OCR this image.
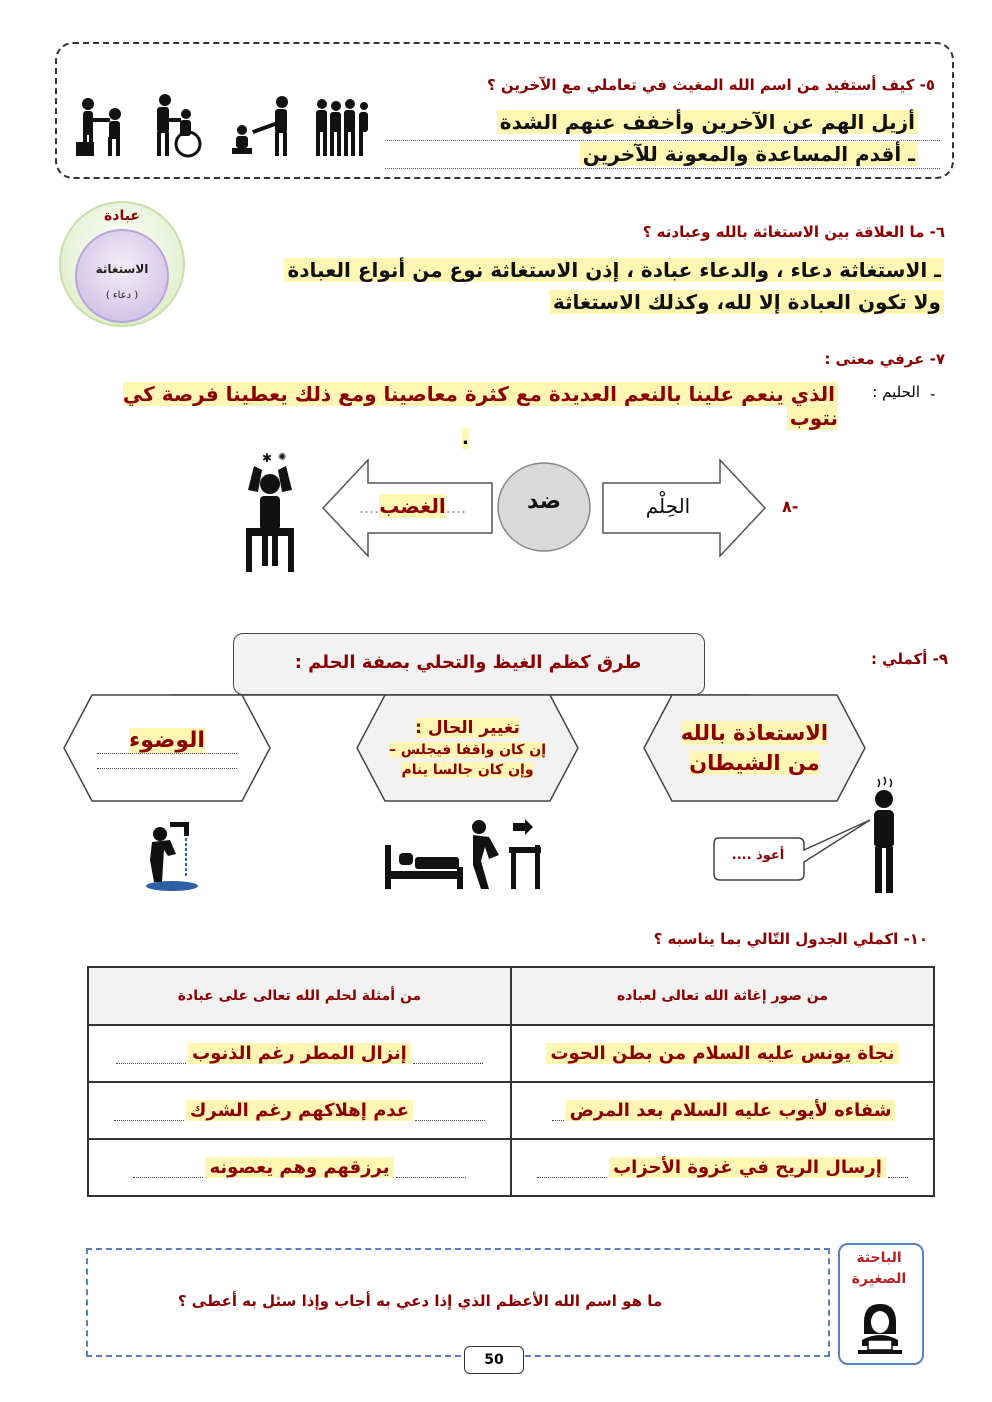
٥- كيف أستفيد من اسم الله المغيث في تعاملي مع الآخرين ؟
أزيل الهم عن الآخرين وأخفف عنهم الشدة
ـ أقدم المساعدة والمعونة للآخرين
عبادة
الاستغاثة
( دعاء )
٦- ما العلاقة بين الاستغاثة بالله وعبادته ؟
ـ الاستغاثة دعاء ، والدعاء عبادة ، إذن الاستغاثة نوع من أنواع العبادة
ولا تكون العبادة إلا لله، وكذلك الاستغاثة
٧- عرفي معنى :
-
الحليم :
الذي ينعم علينا بالنعم العديدة مع كثرة معاصينا ومع ذلك يعطينا فرصة كي نتوب
.
✱ ✺
....الغضب....	ضد	الحِلْم	٨-
٩- أكملي :
طرق كظم الغيظ والتحلي بصفة الحلم :
الاستعاذة بالله
من الشيطان
تغيير الحال :
إن كان واقفا فيجلس –
وإن كان جالسا ينام
الوضوء
أعوذ ....
١٠- اكملي الجدول التّالي بما يناسبه ؟
من أمثلة لحلم الله تعالى على عبادة	من صور إغاثة الله تعالى لعباده
إنزال المطر رغم الذنوب	نجاة يونس عليه السلام من بطن الحوت
عدم إهلاكهم رغم الشرك	شفاءه لأيوب عليه السلام بعد المرض
يرزقهم وهم يعصونه	إرسال الريح في غزوة الأحزاب
ما هو اسم الله الأعظم الذي إذا دعي به أجاب وإذا سئل به أعطى ؟
الباحثة
الصغيرة
50
